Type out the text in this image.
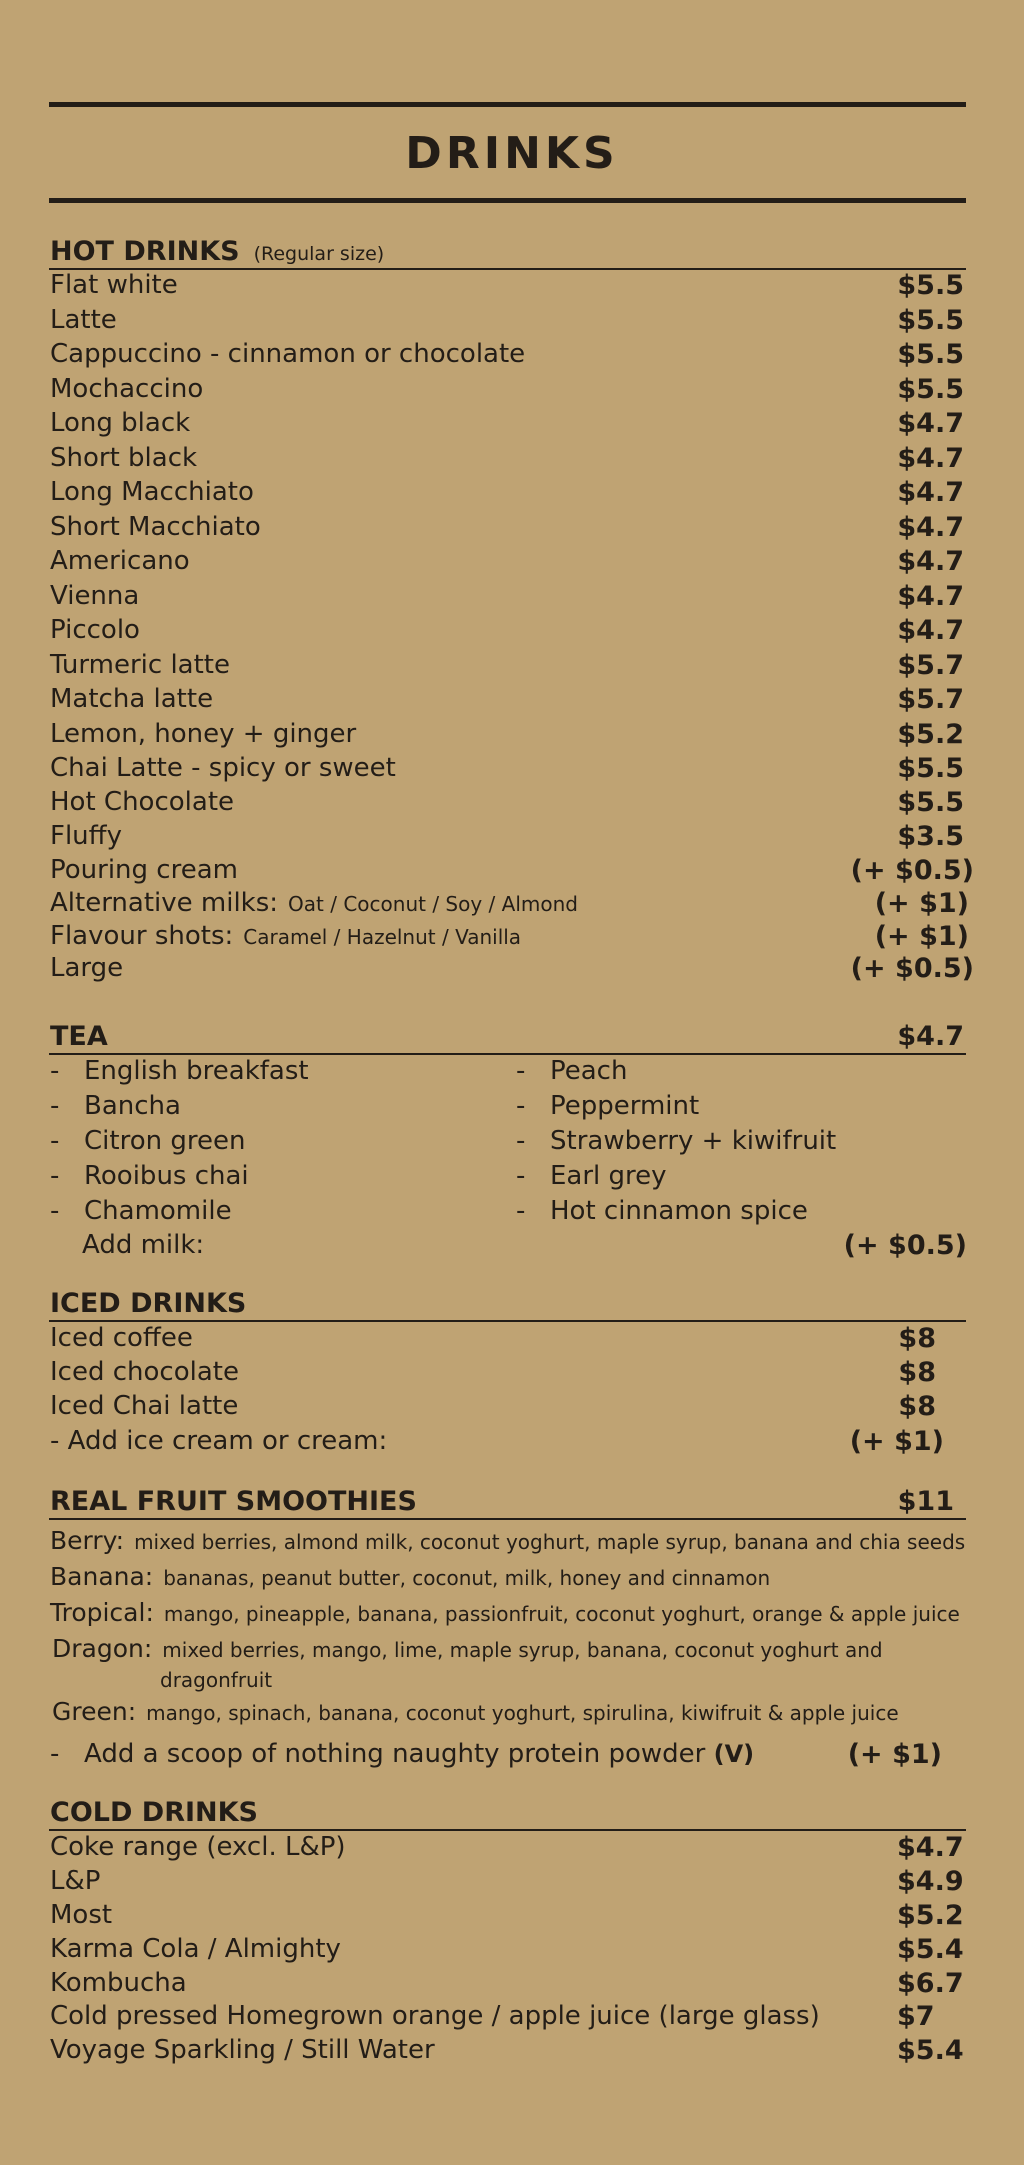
DRINKS
HOT DRINKS (Regular size)
Flat white	$5.5
Latte	$5.5
Cappuccino - cinnamon or chocolate	$5.5
Mochaccino	$5.5
Long black	$4.7
Short black	$4.7
Long Macchiato	$4.7
Short Macchiato	$4.7
Americano	$4.7
Vienna	$4.7
Piccolo	$4.7
Turmeric latte	$5.7
Matcha latte	$5.7
Lemon, honey + ginger	$5.2
Chai Latte - spicy or sweet	$5.5
Hot Chocolate	$5.5
Fluffy	$3.5
Pouring cream	(+ $0.5)
Alternative milks: Oat / Coconut / Soy / Almond	(+ $1)
Flavour shots: Caramel / Hazelnut / Vanilla	(+ $1)
Large	(+ $0.5)
TEA	$4.7
- English breakfast	- Peach
- Bancha	- Peppermint
- Citron green	- Strawberry + kiwifruit
- Rooibus chai	- Earl grey
- Chamomile	- Hot cinnamon spice
Add milk:	(+ $0.5)
ICED DRINKS
Iced coffee	$8
Iced chocolate	$8
Iced Chai latte	$8
- Add ice cream or cream:	(+ $1)
REAL FRUIT SMOOTHIES	$11
Berry: mixed berries, almond milk, coconut yoghurt, maple syrup, banana and chia seeds
Banana: bananas, peanut butter, coconut, milk, honey and cinnamon
Tropical: mango, pineapple, banana, passionfruit, coconut yoghurt, orange & apple juice
Dragon: mixed berries, mango, lime, maple syrup, banana, coconut yoghurt and
dragonfruit
Green: mango, spinach, banana, coconut yoghurt, spirulina, kiwifruit & apple juice
- Add a scoop of nothing naughty protein powder (V)	(+ $1)
COLD DRINKS
Coke range (excl. L&P)	$4.7
L&P	$4.9
Most	$5.2
Karma Cola / Almighty	$5.4
Kombucha	$6.7
Cold pressed Homegrown orange / apple juice (large glass)	$7
Voyage Sparkling / Still Water	$5.4
